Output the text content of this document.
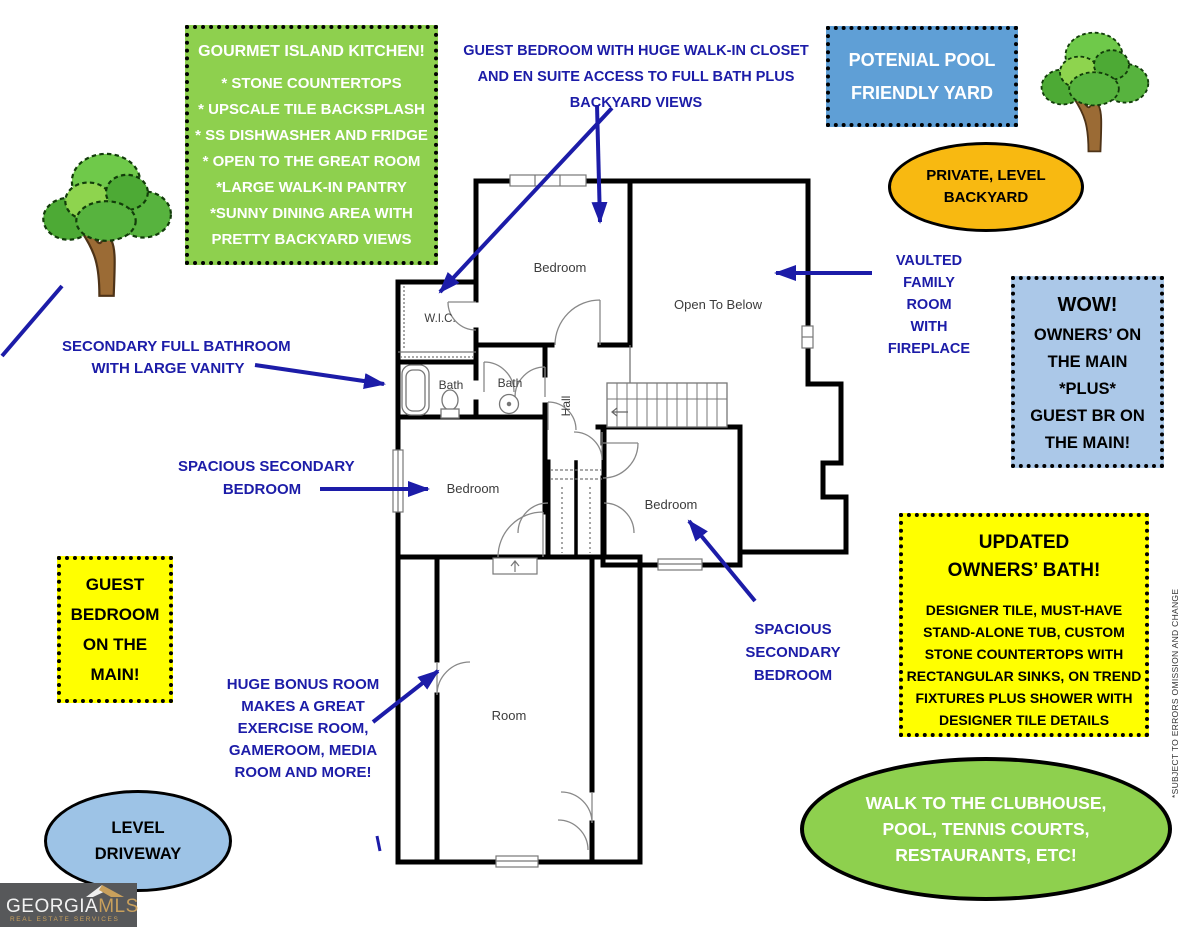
Bedroom
W.I.C.
Bath	Bath
Hall
Open To Below
Bedroom
Bedroom
Room
GOURMET ISLAND KITCHEN!
* STONE COUNTERTOPS
* UPSCALE TILE BACKSPLASH
* SS DISHWASHER AND FRIDGE
* OPEN TO THE GREAT ROOM
*LARGE WALK-IN PANTRY
*SUNNY DINING AREA WITH
PRETTY BACKYARD VIEWS
GUEST BEDROOM WITH HUGE WALK-IN CLOSET
AND EN SUITE ACCESS TO FULL BATH PLUS
BACKYARD VIEWS
POTENIAL POOL
FRIENDLY YARD
PRIVATE, LEVEL
BACKYARD
WOW!
OWNERS’ ON
THE MAIN
*PLUS*
GUEST BR ON
THE MAIN!
VAULTED
FAMILY
ROOM
WITH
FIREPLACE
SECONDARY FULL BATHROOM
WITH LARGE VANITY
SPACIOUS SECONDARY
BEDROOM
GUEST
BEDROOM
ON THE
MAIN!
UPDATED
OWNERS’ BATH!
DESIGNER TILE, MUST-HAVE
STAND-ALONE TUB, CUSTOM
STONE COUNTERTOPS WITH
RECTANGULAR SINKS, ON TREND
FIXTURES PLUS SHOWER WITH
DESIGNER TILE DETAILS
HUGE BONUS ROOM
MAKES A GREAT
EXERCISE ROOM,
GAMEROOM, MEDIA
ROOM AND MORE!
SPACIOUS
SECONDARY
BEDROOM
WALK TO THE CLUBHOUSE,
POOL, TENNIS COURTS,
RESTAURANTS, ETC!
LEVEL
DRIVEWAY
*SUBJECT TO ERRORS OMISSION AND CHANGE
GEORGIAMLS
REAL ESTATE SERVICES
